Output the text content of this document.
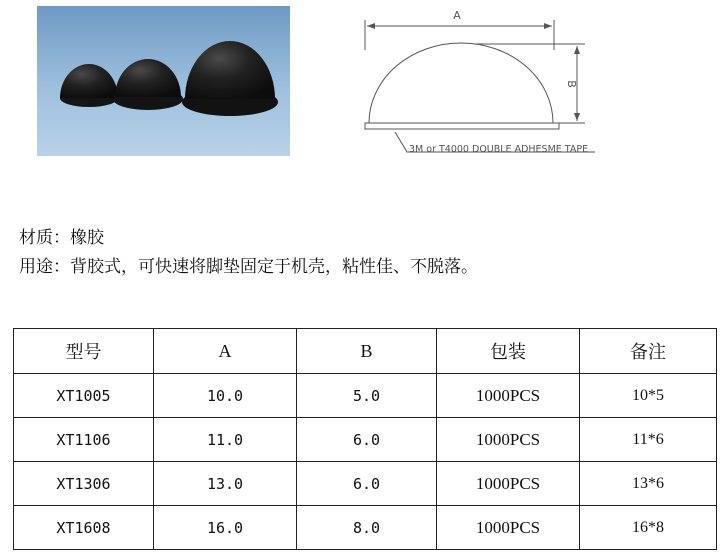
A
B
3M or T4000 DOUBLE ADHESME TAPE
材质：橡胶
用途：背胶式，可快速将脚垫固定于机壳，粘性佳、不脱落。
型号	A	B	包装	备注
XT1005	10.0	5.0	1000PCS	10*5
XT1106	11.0	6.0	1000PCS	11*6
XT1306	13.0	6.0	1000PCS	13*6
XT1608	16.0	8.0	1000PCS	16*8
